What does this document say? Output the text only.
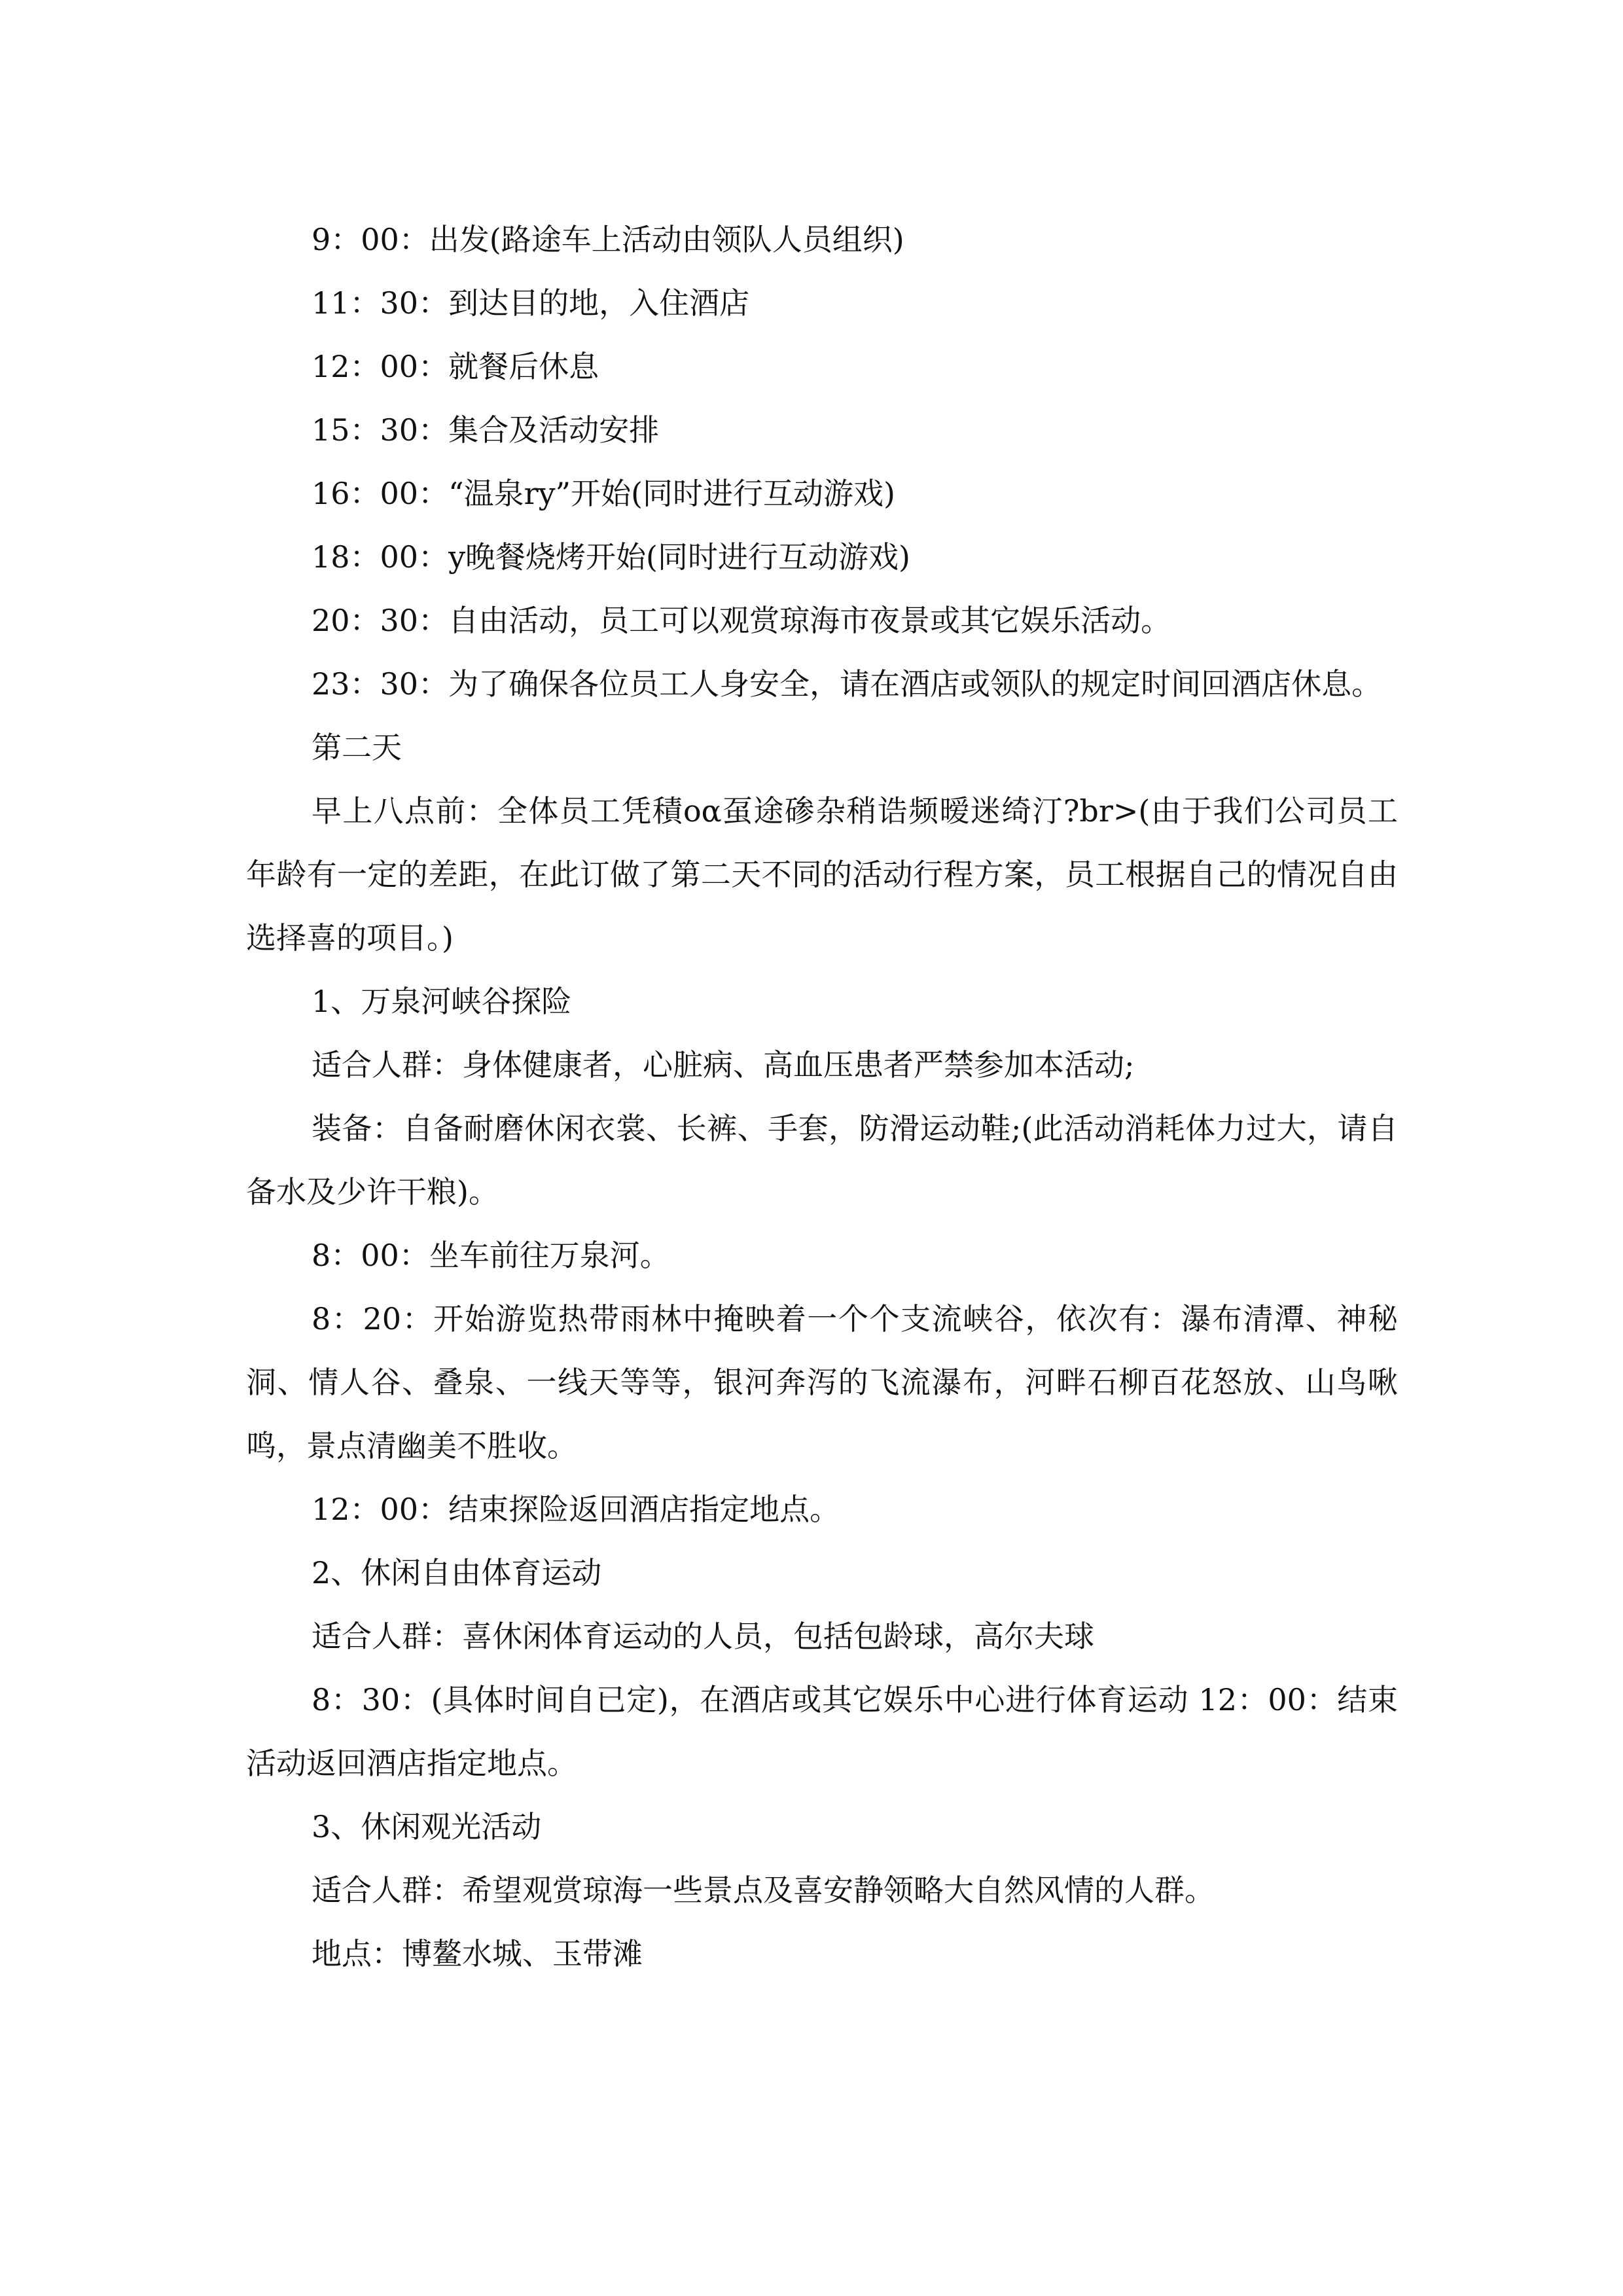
9：00：出发(路途车上活动由领队人员组织)

11：30：到达目的地，入住酒店

12：00：就餐后休息

15：30：集合及活动安排

16：00：“温泉ry”开始(同时进行互动游戏)

18：00：y晚餐烧烤开始(同时进行互动游戏)

20：30：自由活动，员工可以观赏琼海市夜景或其它娱乐活动。

23：30：为了确保各位员工人身安全，请在酒店或领队的规定时间回酒店休息。

第二天

早上八点前：全体员工凭積oα虿途碜杂稍诰频暧迷绮汀?br>(由于我们公司员工年龄有一定的差距，在此订做了第二天不同的活动行程方案，员工根据自己的情况自由选择喜的项目。)

1、万泉河峡谷探险

适合人群：身体健康者，心脏病、高血压患者严禁参加本活动;

装备：自备耐磨休闲衣裳、长裤、手套，防滑运动鞋;(此活动消耗体力过大，请自备水及少许干粮)。

8：00：坐车前往万泉河。

8：20：开始游览热带雨林中掩映着一个个支流峡谷，依次有：瀑布清潭、神秘洞、情人谷、叠泉、一线天等等，银河奔泻的飞流瀑布，河畔石柳百花怒放、山鸟啾鸣，景点清幽美不胜收。

12：00：结束探险返回酒店指定地点。

2、休闲自由体育运动

适合人群：喜休闲体育运动的人员，包括包龄球，高尔夫球

8：30：(具体时间自已定)，在酒店或其它娱乐中心进行体育运动 12：00：结束活动返回酒店指定地点。

3、休闲观光活动

适合人群：希望观赏琼海一些景点及喜安静领略大自然风情的人群。

地点：博鳌水城、玉带滩
